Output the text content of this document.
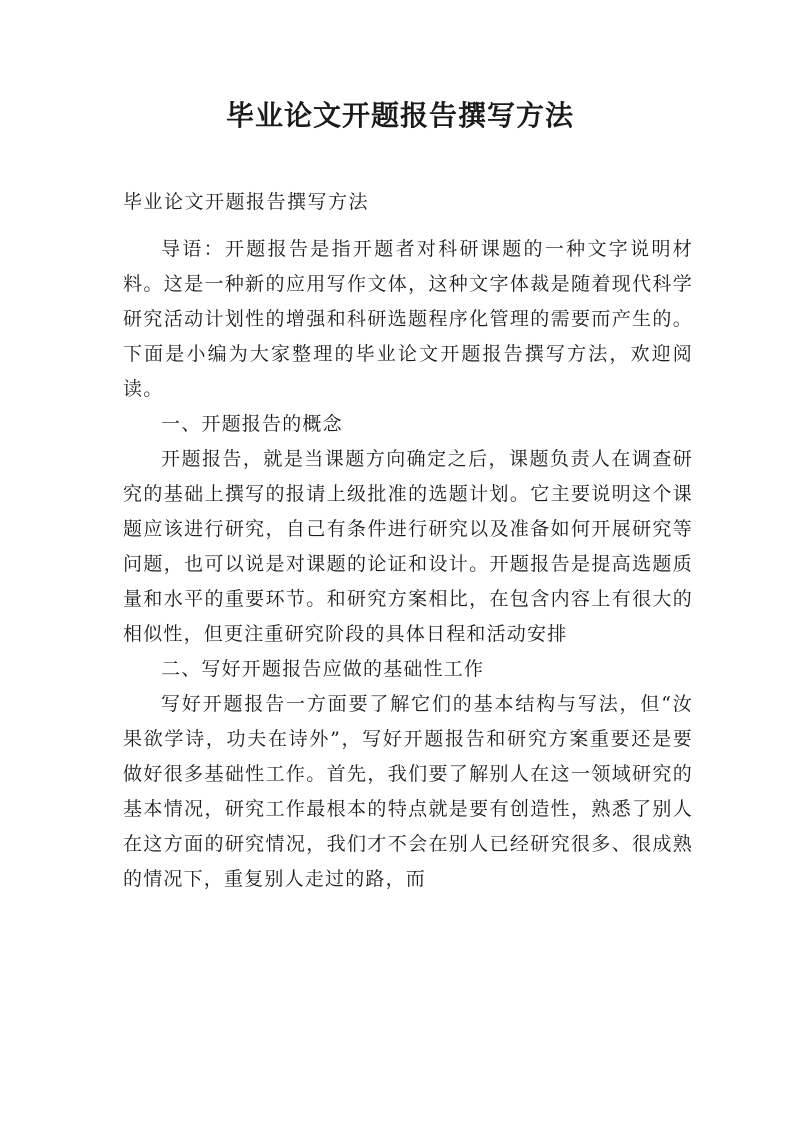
毕业论文开题报告撰写方法
毕业论文开题报告撰写方法

导语：开题报告是指开题者对科研课题的一种文字说明材料。这是一种新的应用写作文体，这种文字体裁是随着现代科学研究活动计划性的增强和科研选题程序化管理的需要而产生的。下面是小编为大家整理的毕业论文开题报告撰写方法，欢迎阅读。

一、开题报告的概念

开题报告，就是当课题方向确定之后，课题负责人在调查研究的基础上撰写的报请上级批准的选题计划。它主要说明这个课题应该进行研究，自己有条件进行研究以及准备如何开展研究等问题，也可以说是对课题的论证和设计。开题报告是提高选题质量和水平的重要环节。和研究方案相比，在包含内容上有很大的相似性，但更注重研究阶段的具体日程和活动安排

二、写好开题报告应做的基础性工作

写好开题报告一方面要了解它们的基本结构与写法，但“汝果欲学诗，功夫在诗外”，写好开题报告和研究方案重要还是要做好很多基础性工作。首先，我们要了解别人在这一领域研究的基本情况，研究工作最根本的特点就是要有创造性，熟悉了别人在这方面的研究情况，我们才不会在别人已经研究很多、很成熟的情况下，重复别人走过的路，而
